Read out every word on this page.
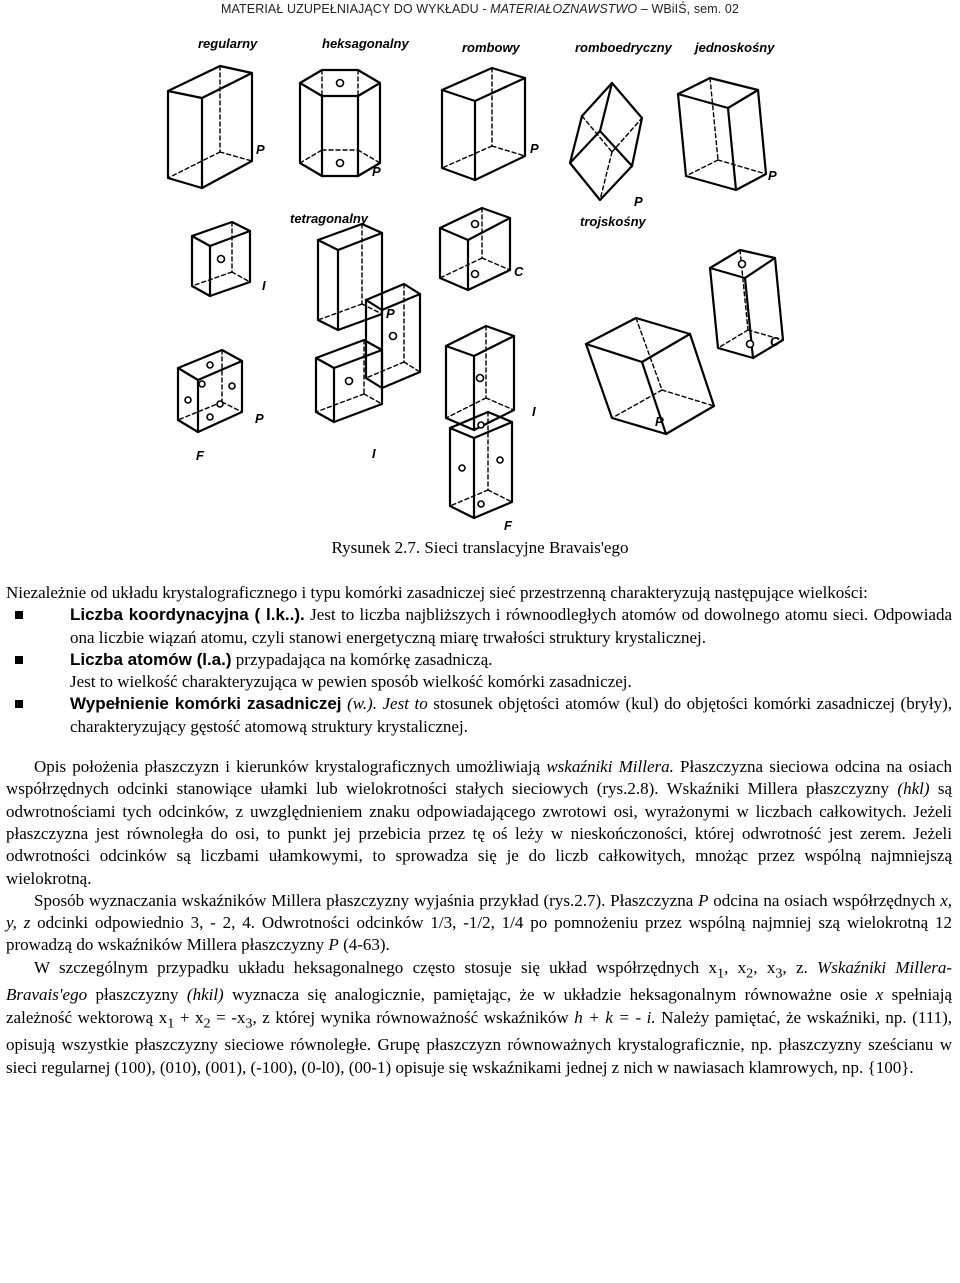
MATERIAŁ UZUPEŁNIAJĄCY DO WYKŁADU - MATERIAŁOZNAWSTWO – WBiIŚ, sem. 02
regularny	heksagonalny	rombowy	romboedryczny jednoskośny
tetragonalny	trojskośny
P
P
P
P
P
I
P
C
C
P
F	I
I
F
P
Rysunek 2.7. Sieci translacyjne Bravais'ego

Niezależnie od układu krystalograficznego i typu komórki zasadniczej sieć przestrzenną charakteryzują następujące wielkości:

Liczba koordynacyjna ( l.k..). Jest to liczba najbliższych i równoodległych atomów od dowolnego atomu sieci. Odpowiada ona liczbie wiązań atomu, czyli stanowi energetyczną miarę trwałości struktury krystalicznej.

Liczba atomów (l.a.) przypadająca na komórkę zasadniczą.
Jest to wielkość charakteryzująca w pewien sposób wielkość komórki zasadniczej.

Wypełnienie komórki zasadniczej (w.). Jest to stosunek objętości atomów (kul) do objętości komórki zasadniczej (bryły), charakteryzujący gęstość atomową struktury krystalicznej.

Opis położenia płaszczyzn i kierunków krystalograficznych umożliwiają wskaźniki Millera. Płaszczyzna sieciowa odcina na osiach współrzędnych odcinki stanowiące ułamki lub wielokrotności stałych sieciowych (rys.2.8). Wskaźniki Millera płaszczyzny (hkl) są odwrotnościami tych odcinków, z uwzględnieniem znaku odpowiadającego zwrotowi osi, wyrażonymi w liczbach całkowitych. Jeżeli płaszczyzna jest równoległa do osi, to punkt jej przebicia przez tę oś leży w nieskończoności, której odwrotność jest zerem. Jeżeli odwrotności odcinków są liczbami ułamkowymi, to sprowadza się je do liczb całkowitych, mnożąc przez wspólną najmniejszą wielokrotną.

Sposób wyznaczania wskaźników Millera płaszczyzny wyjaśnia przykład (rys.2.7). Płaszczyzna P odcina na osiach współrzędnych x, y, z odcinki odpowiednio 3, - 2, 4. Odwrotności odcinków 1/3, -1/2, 1/4 po pomnożeniu przez wspólną najmniej szą wielokrotną 12 prowadzą do wskaźników Millera płaszczyzny P (4-63).

W szczególnym przypadku układu heksagonalnego często stosuje się układ współrzędnych $x_1$, $x_2$, $x_3$, z. Wskaźniki Millera-Bravais'ego płaszczyzny (hkil) wyznacza się analogicznie, pamiętając, że w układzie heksagonalnym równoważne osie x spełniają zależność wektorową $x_1 + x_2 = -x_3$, z której wynika równoważność wskaźników h + k = - i. Należy pamiętać, że wskaźniki, np. (111), opisują wszystkie płaszczyzny sieciowe równoległe. Grupę płaszczyzn równoważnych krystalograficznie, np. płaszczyzny sześcianu w sieci regularnej (100), (010), (001), (-100), (0-l0), (00-1) opisuje się wskaźnikami jednej z nich w nawiasach klamrowych, np. {100}.
